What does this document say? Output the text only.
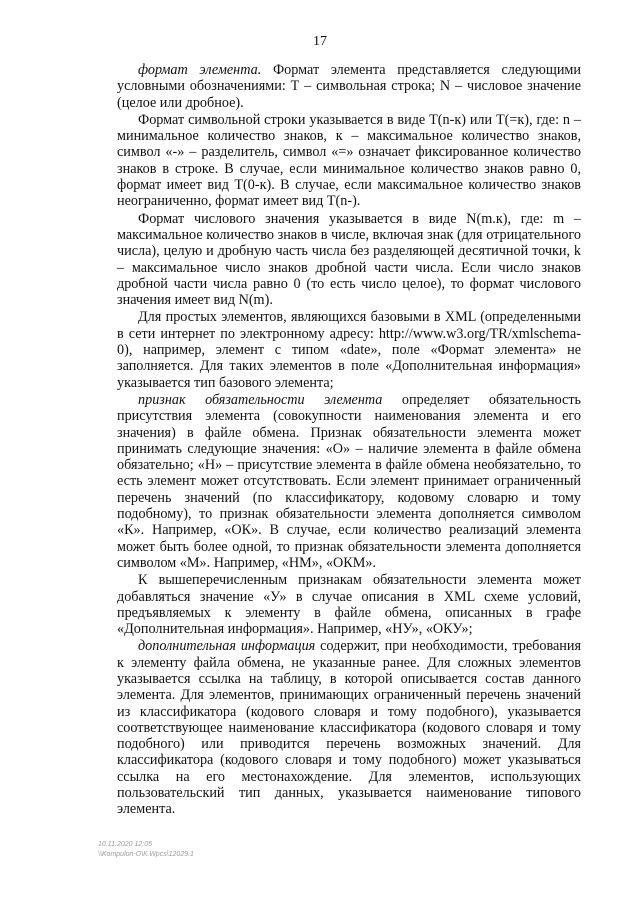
17

формат элемента. Формат элемента представляется следующими условными обозначениями: Т – символьная строка; N – числовое значение (целое или дробное).

Формат символьной строки указывается в виде Т(n-к) или Т(=к), где: n – минимальное количество знаков, к – максимальное количество знаков, символ «-» – разделитель, символ «=» означает фиксированное количество знаков в строке. В случае, если минимальное количество знаков равно 0, формат имеет вид Т(0-к). В случае, если максимальное количество знаков неограниченно, формат имеет вид Т(n-).

Формат числового значения указывается в виде N(m.к), где: m – максимальное количество знаков в числе, включая знак (для отрицательного числа), целую и дробную часть числа без разделяющей десятичной точки, k – максимальное число знаков дробной части числа. Если число знаков дробной части числа равно 0 (то есть число целое), то формат числового значения имеет вид N(m).

Для простых элементов, являющихся базовыми в XML (определенными в сети интернет по электронному адресу: http://www.w3.org/TR/xmlschema-0), например, элемент с типом «date», поле «Формат элемента» не заполняется. Для таких элементов в поле «Дополнительная информация» указывается тип базового элемента;

признак обязательности элемента определяет обязательность присутствия элемента (совокупности наименования элемента и его значения) в файле обмена. Признак обязательности элемента может принимать следующие значения: «О» – наличие элемента в файле обмена обязательно; «Н» – присутствие элемента в файле обмена необязательно, то есть элемент может отсутствовать. Если элемент принимает ограниченный перечень значений (по классификатору, кодовому словарю и тому подобному), то признак обязательности элемента дополняется символом «К». Например, «ОК». В случае, если количество реализаций элемента может быть более одной, то признак обязательности элемента дополняется символом «М». Например, «НМ», «ОКМ».

К вышеперечисленным признакам обязательности элемента может добавляться значение «У» в случае описания в XML схеме условий, предъявляемых к элементу в файле обмена, описанных в графе «Дополнительная информация». Например, «НУ», «ОКУ»;

дополнительная информация содержит, при необходимости, требования к элементу файла обмена, не указанные ранее. Для сложных элементов указывается ссылка на таблицу, в которой описывается состав данного элемента. Для элементов, принимающих ограниченный перечень значений из классификатора (кодового словаря и тому подобного), указывается соответствующее наименование классификатора (кодового словаря и тому подобного) или приводится перечень возможных значений. Для классификатора (кодового словаря и тому подобного) может указываться ссылка на его местонахождение. Для элементов, использующих пользовательский тип данных, указывается наименование типового элемента.

10.11.2020 12:05
\\Kompulon-O\К.Wpcs\12029.1
